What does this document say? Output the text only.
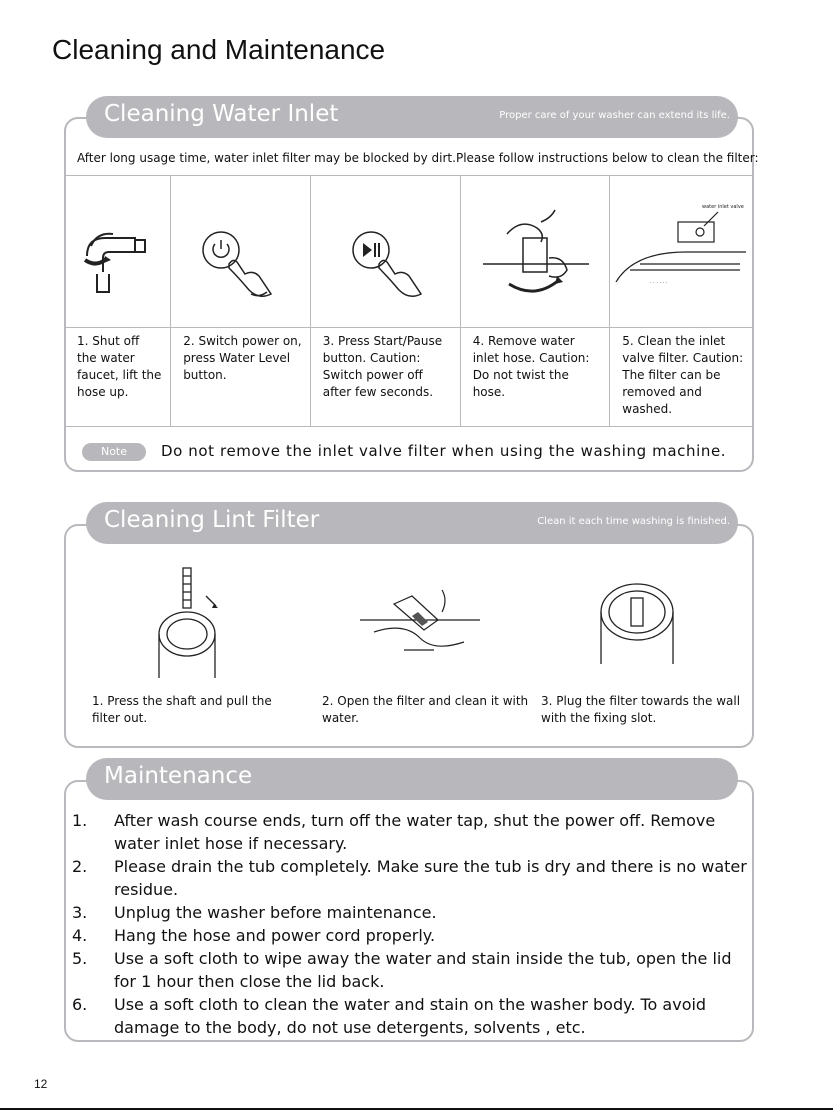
Cleaning and Maintenance
Cleaning Water Inlet	Proper care of your washer can extend its life.
After long usage time, water inlet filter may be blocked by dirt.Please follow instructions below to clean the filter:

water inlet valve
· · · · · ·

1. Shut off the water faucet, lift the hose up.	2. Switch power on, press Water Level button.	3. Press Start/Pause button. Caution: Switch power off after few seconds.	4. Remove water inlet hose. Caution: Do not twist the hose.	5. Clean the inlet valve filter. Caution: The filter can be removed and washed.
Note	Do not remove the inlet valve filter when using the washing machine.
Cleaning Lint Filter	Clean it each time washing is finished.
1. Press the shaft and pull the filter out.
2. Open the filter and clean it with water.
3. Plug the filter towards the wall with the fixing slot.
Maintenance
1.	After wash course ends, turn off the water tap, shut the power off. Remove water inlet hose if necessary.
2.	Please drain the tub completely. Make sure the tub is dry and there is no water residue.
3.	Unplug the washer before maintenance.
4.	Hang the hose and power cord properly.
5.	Use a soft cloth to wipe away the water and stain inside the tub, open the lid for 1 hour then close the lid back.
6.	Use a soft cloth to clean the water and stain on the washer body. To avoid damage to the body, do not use detergents, solvents , etc.
12
